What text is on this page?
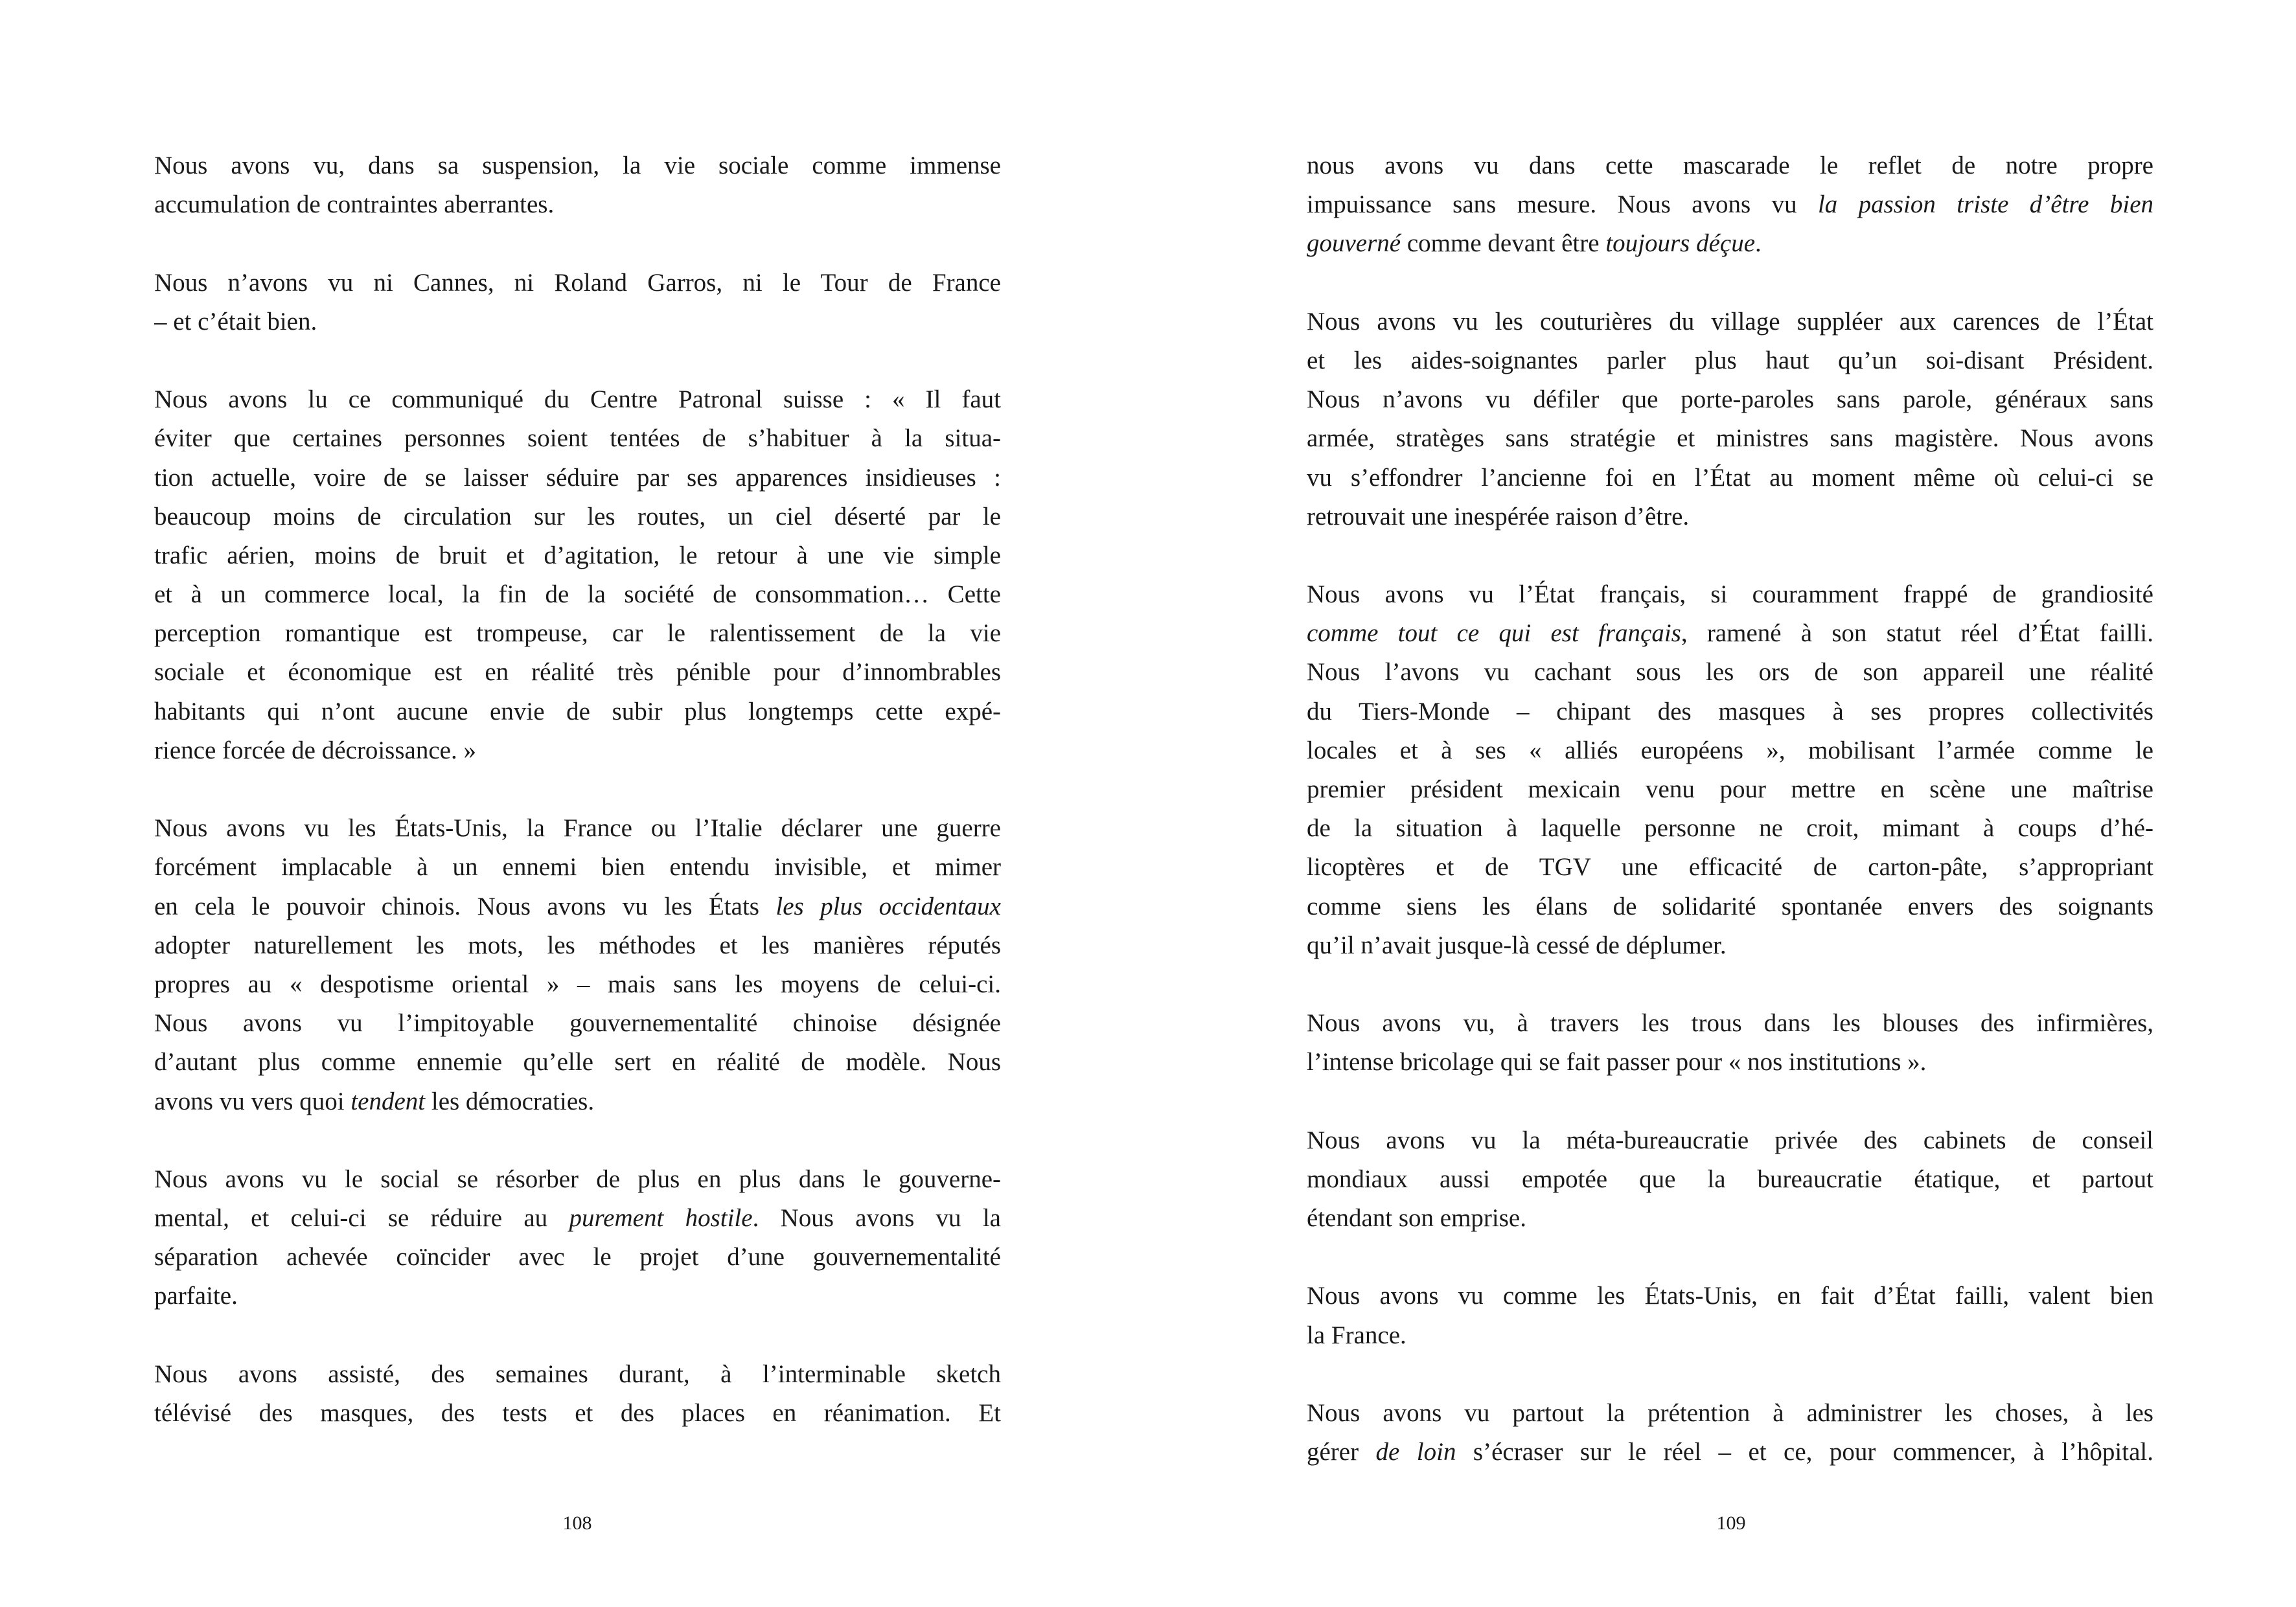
Nous avons vu, dans sa suspension, la vie sociale comme immense
accumulation de contraintes aberrantes.

Nous n’avons vu ni Cannes, ni Roland Garros, ni le Tour de France
– et c’était bien.

Nous avons lu ce communiqué du Centre Patronal suisse : « Il faut
éviter que certaines personnes soient tentées de s’habituer à la situa-
tion actuelle, voire de se laisser séduire par ses apparences insidieuses :
beaucoup moins de circulation sur les routes, un ciel déserté par le
trafic aérien, moins de bruit et d’agitation, le retour à une vie simple
et à un commerce local, la fin de la société de consommation… Cette
perception romantique est trompeuse, car le ralentissement de la vie
sociale et économique est en réalité très pénible pour d’innombrables
habitants qui n’ont aucune envie de subir plus longtemps cette expé-
rience forcée de décroissance. »

Nous avons vu les États-Unis, la France ou l’Italie déclarer une guerre
forcément implacable à un ennemi bien entendu invisible, et mimer
en cela le pouvoir chinois. Nous avons vu les États les plus occidentaux
adopter naturellement les mots, les méthodes et les manières réputés
propres au « despotisme oriental » – mais sans les moyens de celui-ci.
Nous avons vu l’impitoyable gouvernementalité chinoise désignée
d’autant plus comme ennemie qu’elle sert en réalité de modèle. Nous
avons vu vers quoi tendent les démocraties.

Nous avons vu le social se résorber de plus en plus dans le gouverne-
mental, et celui-ci se réduire au purement hostile. Nous avons vu la
séparation achevée coïncider avec le projet d’une gouvernementalité
parfaite.

Nous avons assisté, des semaines durant, à l’interminable sketch
télévisé des masques, des tests et des places en réanimation. Et
nous avons vu dans cette mascarade le reflet de notre propre
impuissance sans mesure. Nous avons vu la passion triste d’être bien
gouverné comme devant être toujours déçue.

Nous avons vu les couturières du village suppléer aux carences de l’État
et les aides-soignantes parler plus haut qu’un soi-disant Président.
Nous n’avons vu défiler que porte-paroles sans parole, généraux sans
armée, stratèges sans stratégie et ministres sans magistère. Nous avons
vu s’effondrer l’ancienne foi en l’État au moment même où celui-ci se
retrouvait une inespérée raison d’être.

Nous avons vu l’État français, si couramment frappé de grandiosité
comme tout ce qui est français, ramené à son statut réel d’État failli.
Nous l’avons vu cachant sous les ors de son appareil une réalité
du Tiers-Monde – chipant des masques à ses propres collectivités
locales et à ses « alliés européens », mobilisant l’armée comme le
premier président mexicain venu pour mettre en scène une maîtrise
de la situation à laquelle personne ne croit, mimant à coups d’hé-
licoptères et de TGV une efficacité de carton-pâte, s’appropriant
comme siens les élans de solidarité spontanée envers des soignants
qu’il n’avait jusque-là cessé de déplumer.

Nous avons vu, à travers les trous dans les blouses des infirmières,
l’intense bricolage qui se fait passer pour « nos institutions ».

Nous avons vu la méta-bureaucratie privée des cabinets de conseil
mondiaux aussi empotée que la bureaucratie étatique, et partout
étendant son emprise.

Nous avons vu comme les États-Unis, en fait d’État failli, valent bien
la France.

Nous avons vu partout la prétention à administrer les choses, à les
gérer de loin s’écraser sur le réel – et ce, pour commencer, à l’hôpital.
108	109
